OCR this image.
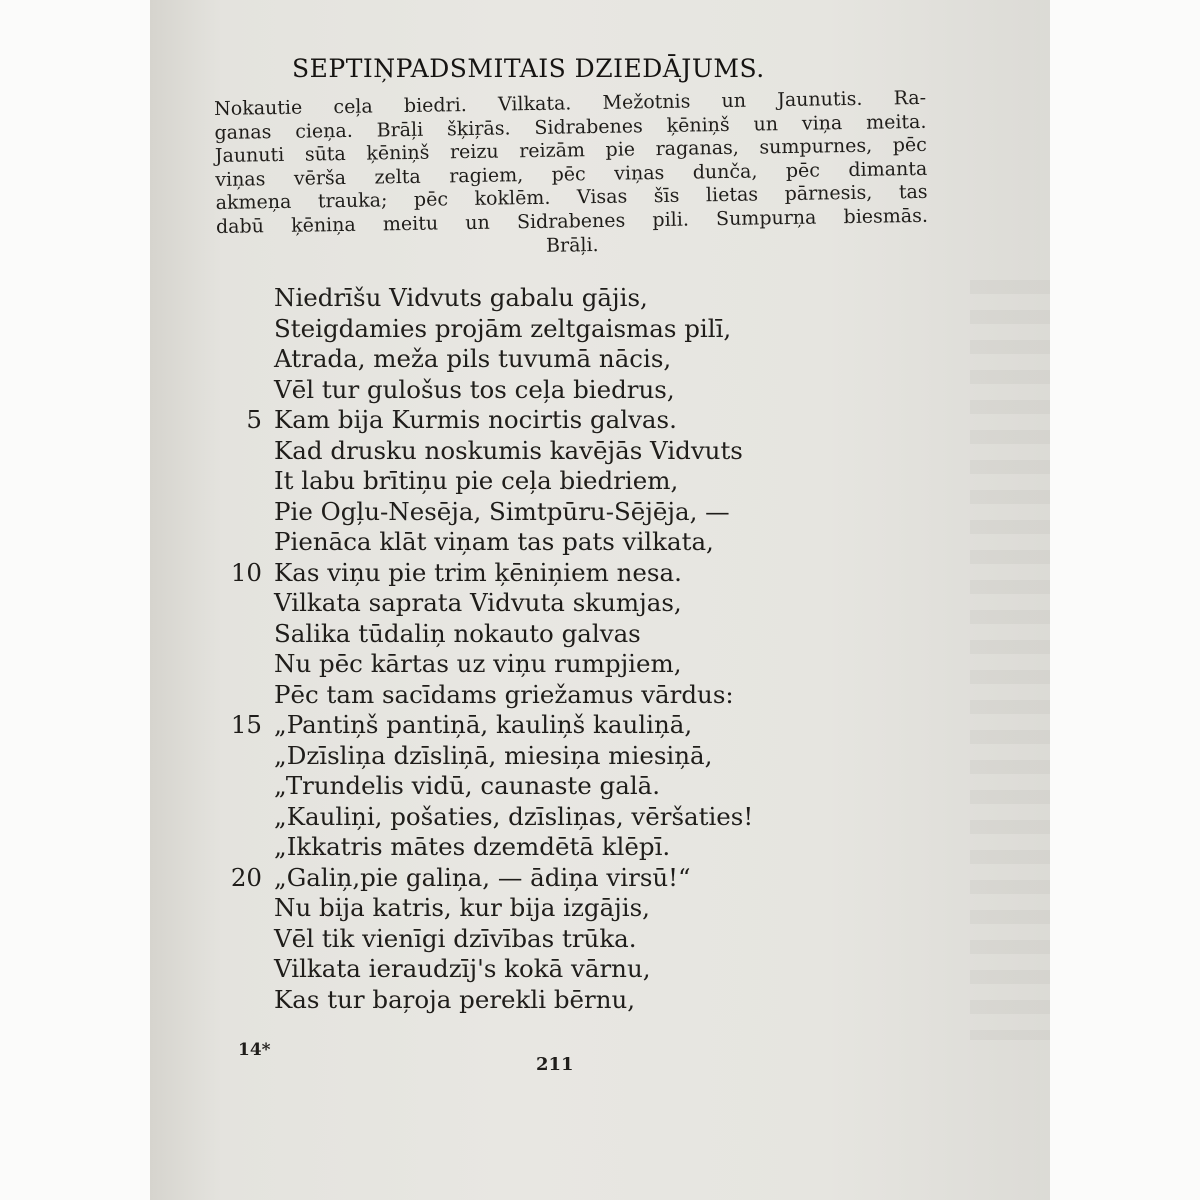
SEPTIŅPADSMITAIS DZIEDĀJUMS.
Nokautie ceļa biedri. Vilkata. Mežotnis un Jaunutis. Ra-
ganas cieņa. Brāļi šķiŗās. Sidrabenes ķēniņš un viņa meita.
Jaunuti sūta ķēniņš reizu reizām pie raganas, sumpurnes, pēc
viņas vērša zelta ragiem, pēc viņas dunča, pēc dimanta
akmeņa trauka; pēc koklēm. Visas šīs lietas pārnesis, tas
dabū ķēniņa meitu un Sidrabenes pili. Sumpurņa biesmās.
Brāļi.
Niedrīšu Vidvuts gabalu gājis,
Steigdamies projām zeltgaismas pilī,
Atrada, meža pils tuvumā nācis,
Vēl tur gulošus tos ceļa biedrus,
5 Kam bija Kurmis nocirtis galvas.
Kad drusku noskumis kavējās Vidvuts
It labu brītiņu pie ceļa biedriem,
Pie Ogļu-Nesēja, Simtpūru-Sējēja, —
Pienāca klāt viņam tas pats vilkata,
10 Kas viņu pie trim ķēniņiem nesa.
Vilkata saprata Vidvuta skumjas,
Salika tūdaliņ nokauto galvas
Nu pēc kārtas uz viņu rumpjiem,
Pēc tam sacīdams griežamus vārdus:
15 „Pantiņš pantiņā, kauliņš kauliņā,
„Dzīsliņa dzīsliņā, miesiņa miesiņā,
„Trundelis vidū, caunaste galā.
„Kauliņi, pošaties, dzīsliņas, vēršaties!
„Ikkatris mātes dzemdētā klēpī.
20 „Galiņ,pie galiņa, — ādiņa virsū!“
Nu bija katris, kur bija izgājis,
Vēl tik vienīgi dzīvības trūka.
Vilkata ieraudzīj's kokā vārnu,
Kas tur baŗoja perekli bērnu,
14*
211
